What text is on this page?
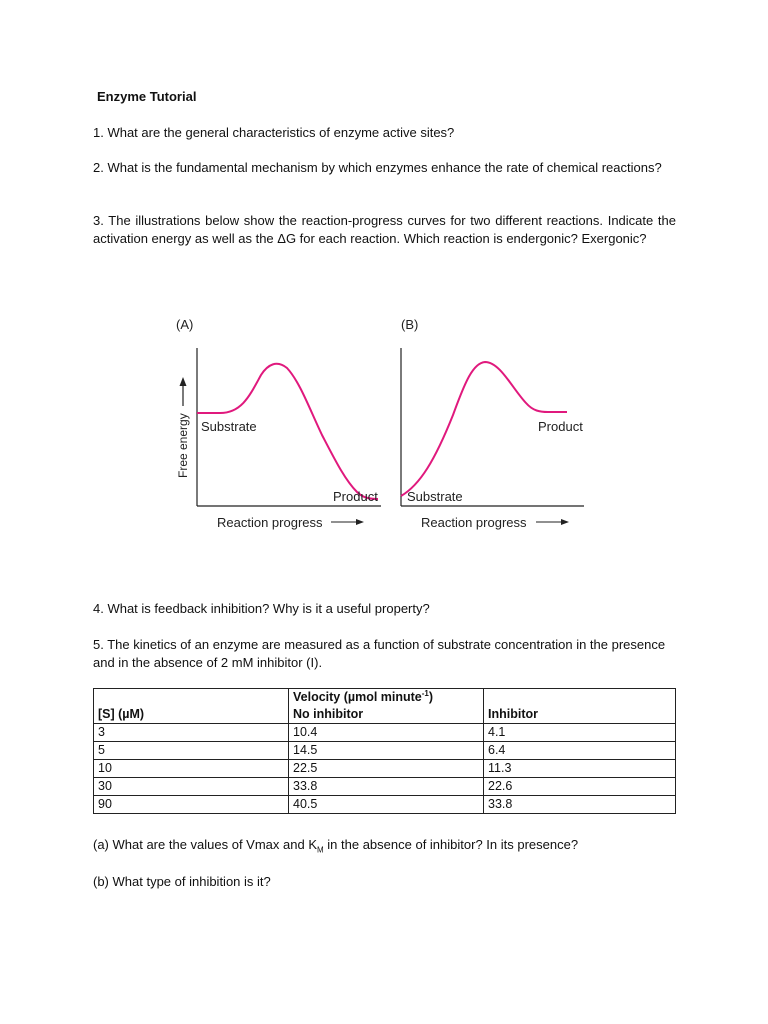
Enzyme Tutorial
1. What are the general characteristics of enzyme active sites?
2. What is the fundamental mechanism by which enzymes enhance the rate of chemical reactions?
3. The illustrations below show the reaction-progress curves for two different reactions. Indicate the activation energy as well as the ΔG for each reaction. Which reaction is endergonic? Exergonic?
(A)	(B)
Free energy Substrate
Product Substrate
Product
Reaction progress	Reaction progress
4. What is feedback inhibition? Why is it a useful property?
5. The kinetics of an enzyme are measured as a function of substrate concentration in the presence and in the absence of 2 mM inhibitor (I).
	Velocity (µmol minute$^{-1}$)	
[S] (µM)	No inhibitor	Inhibitor
3	10.4	4.1
5	14.5	6.4
10	22.5	11.3
30	33.8	22.6
90	40.5	33.8
(a) What are the values of Vmax and $K_M$ in the absence of inhibitor? In its presence?
(b) What type of inhibition is it?
